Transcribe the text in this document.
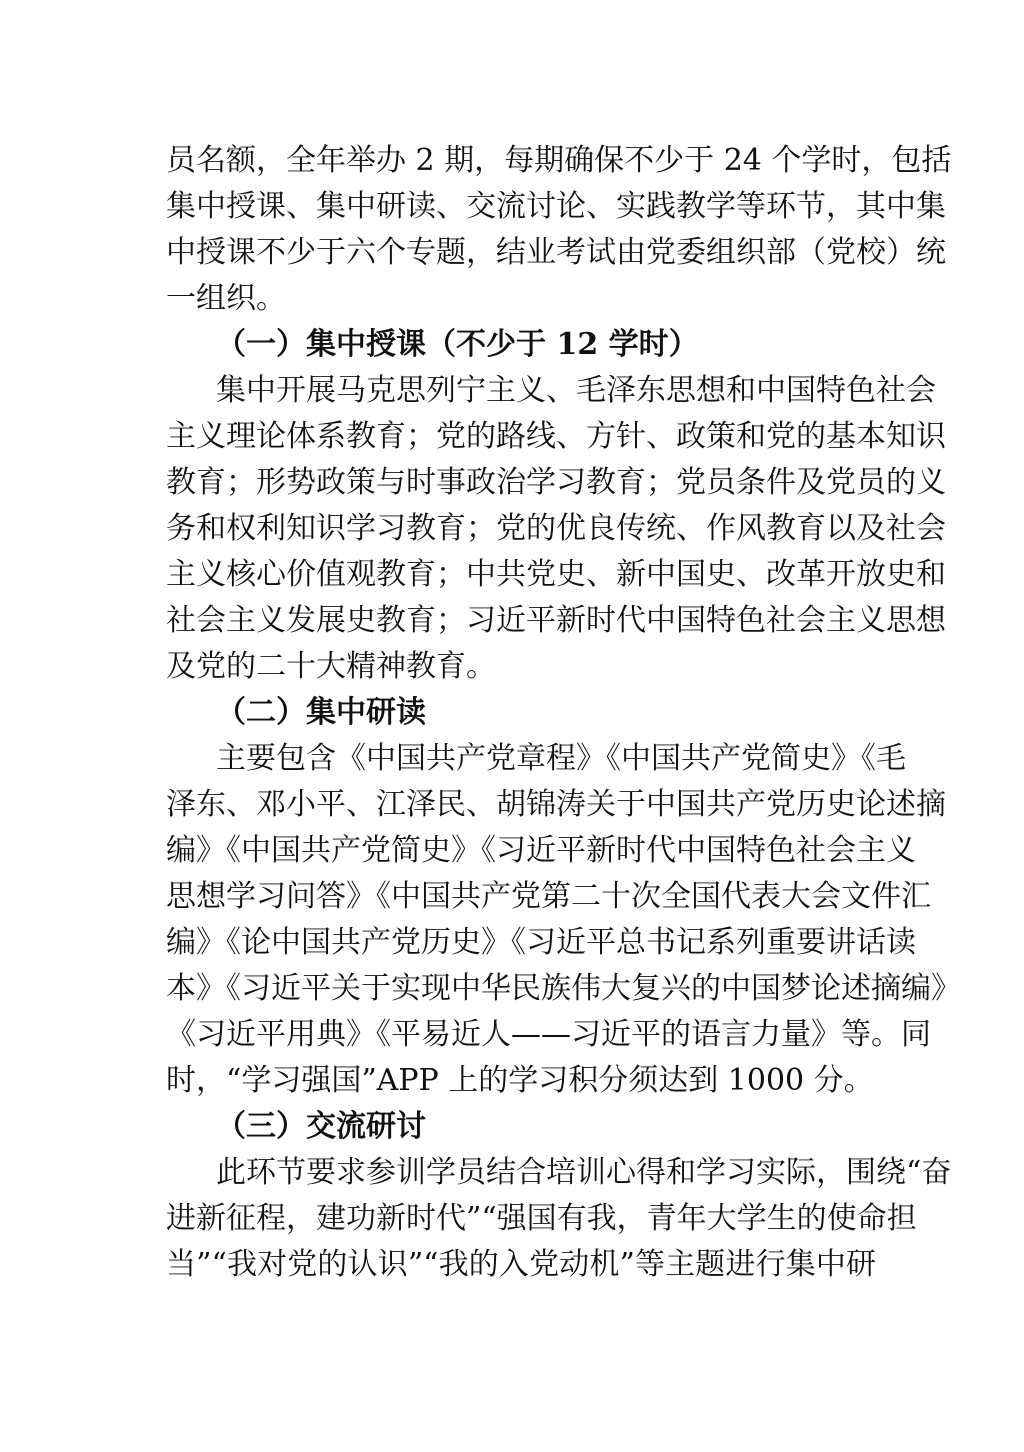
员名额，全年举办 2 期，每期确保不少于 24 个学时，包括
集中授课、集中研读、交流讨论、实践教学等环节，其中集
中授课不少于六个专题，结业考试由党委组织部（党校）统
一组织。
（一）集中授课（不少于 12 学时）
集中开展马克思列宁主义、毛泽东思想和中国特色社会
主义理论体系教育；党的路线、方针、政策和党的基本知识
教育；形势政策与时事政治学习教育；党员条件及党员的义
务和权利知识学习教育；党的优良传统、作风教育以及社会
主义核心价值观教育；中共党史、新中国史、改革开放史和
社会主义发展史教育；习近平新时代中国特色社会主义思想
及党的二十大精神教育。
（二）集中研读
主要包含《中国共产党章程》《中国共产党简史》《毛
泽东、邓小平、江泽民、胡锦涛关于中国共产党历史论述摘
编》《中国共产党简史》《习近平新时代中国特色社会主义
思想学习问答》《中国共产党第二十次全国代表大会文件汇
编》《论中国共产党历史》《习近平总书记系列重要讲话读
本》《习近平关于实现中华民族伟大复兴的中国梦论述摘编》
《习近平用典》《平易近人——习近平的语言力量》等。同
时，“学习强国”APP 上的学习积分须达到 1000 分。
（三）交流研讨
此环节要求参训学员结合培训心得和学习实际，围绕“奋
进新征程，建功新时代”“强国有我，青年大学生的使命担
当”“我对党的认识”“我的入党动机”等主题进行集中研
